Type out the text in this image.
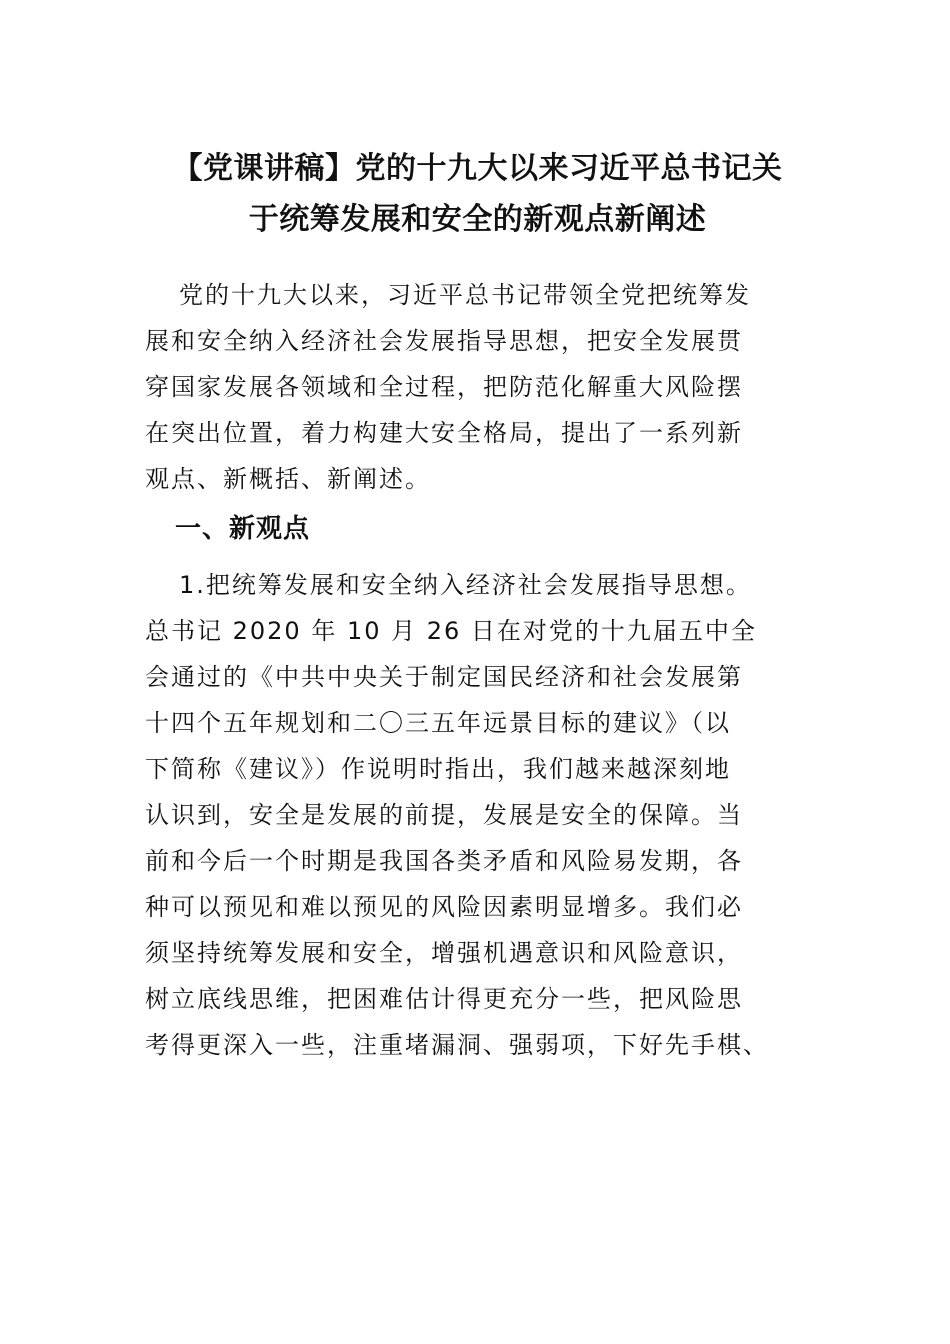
【党课讲稿】党的十九大以来习近平总书记关
于统筹发展和安全的新观点新阐述

党的十九大以来，习近平总书记带领全党把统筹发
展和安全纳入经济社会发展指导思想，把安全发展贯
穿国家发展各领域和全过程，把防范化解重大风险摆
在突出位置，着力构建大安全格局，提出了一系列新
观点、新概括、新阐述。

一、新观点

1.把统筹发展和安全纳入经济社会发展指导思想。
总书记 2020 年 10 月 26 日在对党的十九届五中全
会通过的《中共中央关于制定国民经济和社会发展第
十四个五年规划和二〇三五年远景目标的建议》（以
下简称《建议》）作说明时指出，我们越来越深刻地
认识到，安全是发展的前提，发展是安全的保障。当
前和今后一个时期是我国各类矛盾和风险易发期，各
种可以预见和难以预见的风险因素明显增多。我们必
须坚持统筹发展和安全，增强机遇意识和风险意识，
树立底线思维，把困难估计得更充分一些，把风险思
考得更深入一些，注重堵漏洞、强弱项，下好先手棋、
